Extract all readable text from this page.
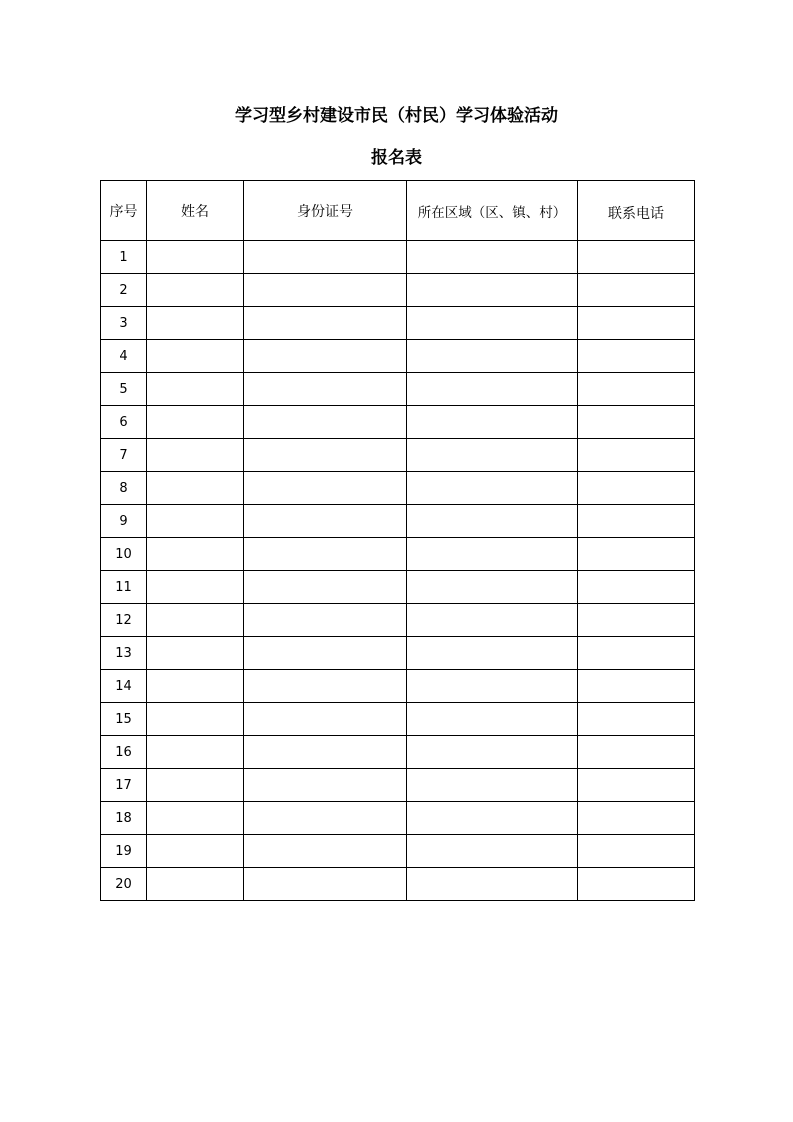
学习型乡村建设市民（村民）学习体验活动
报名表
序号	姓名	身份证号	所在区域（区、镇、村）	联系电话
1				
2				
3				
4				
5				
6				
7				
8				
9				
10				
11				
12				
13				
14				
15				
16				
17				
18				
19				
20				
